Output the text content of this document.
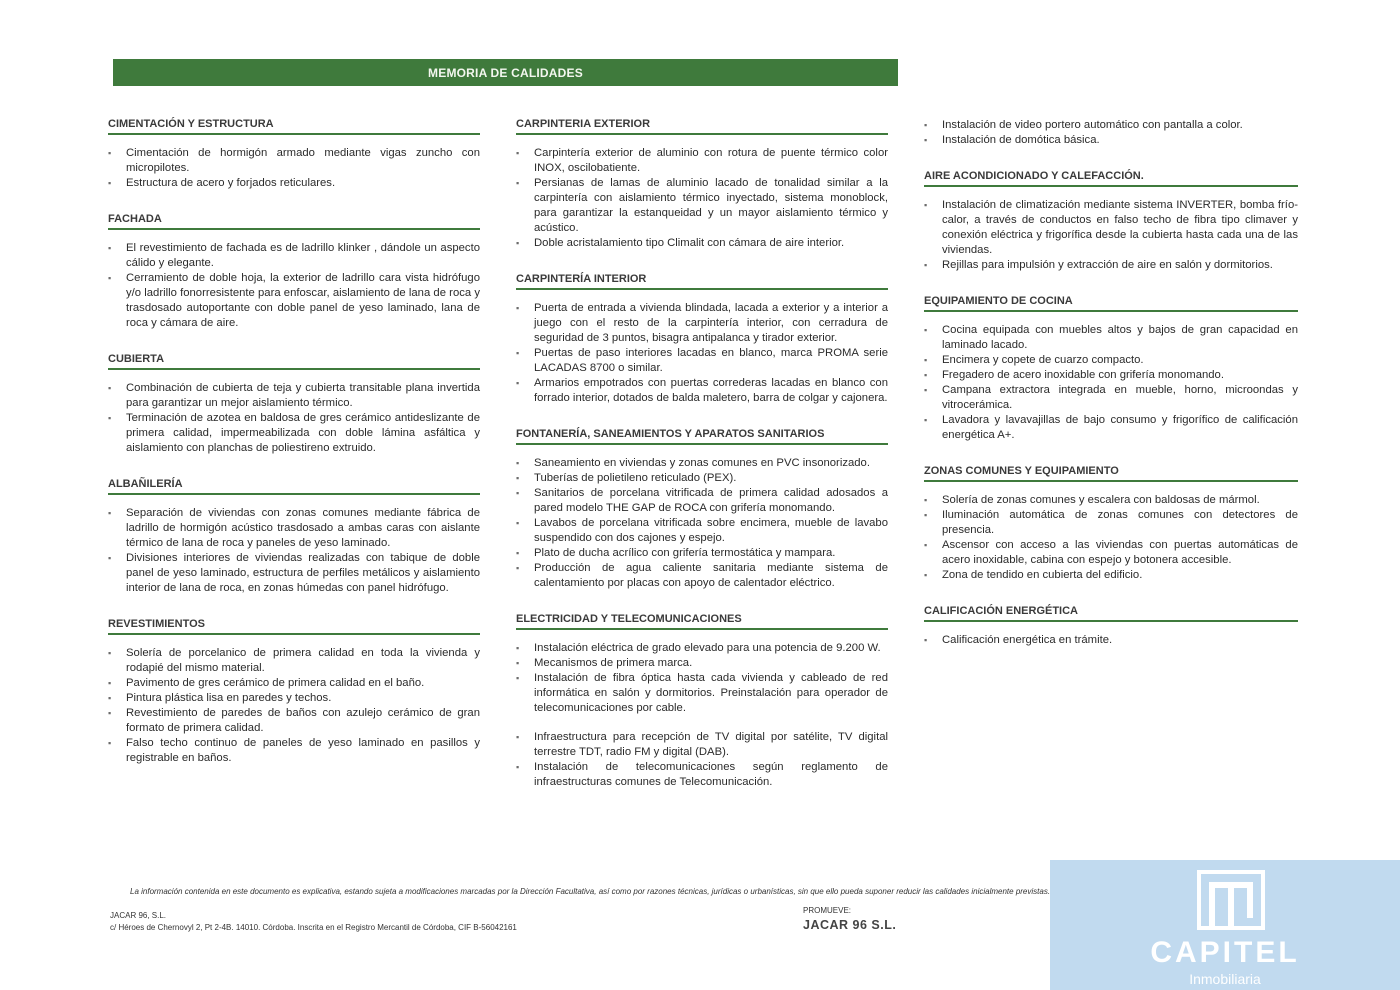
MEMORIA DE CALIDADES
CIMENTACIÓN Y ESTRUCTURA
▪ Cimentación de hormigón armado mediante vigas zuncho con micropilotes.
▪ Estructura de acero y forjados reticulares.
FACHADA
▪ El revestimiento de fachada es de ladrillo klinker , dándole un aspecto cálido y elegante.
▪ Cerramiento de doble hoja, la exterior de ladrillo cara vista hidrófugo y/o ladrillo fonorresistente para enfoscar, aislamiento de lana de roca y trasdosado autoportante con doble panel de yeso laminado, lana de roca y cámara de aire.
CUBIERTA
▪ Combinación de cubierta de teja y cubierta transitable plana invertida para garantizar un mejor aislamiento térmico.
▪ Terminación de azotea en baldosa de gres cerámico antideslizante de primera calidad, impermeabilizada con doble lámina asfáltica y aislamiento con planchas de poliestireno extruido.
ALBAÑILERÍA
▪ Separación de viviendas con zonas comunes mediante fábrica de ladrillo de hormigón acústico trasdosado a ambas caras con aislante térmico de lana de roca y paneles de yeso laminado.
▪ Divisiones interiores de viviendas realizadas con tabique de doble panel de yeso laminado, estructura de perfiles metálicos y aislamiento interior de lana de roca, en zonas húmedas con panel hidrófugo.
REVESTIMIENTOS
▪ Solería de porcelanico de primera calidad en toda la vivienda y rodapié del mismo material.
▪ Pavimento de gres cerámico de primera calidad en el baño.
▪ Pintura plástica lisa en paredes y techos.
▪ Revestimiento de paredes de baños con azulejo cerámico de gran formato de primera calidad.
▪ Falso techo continuo de paneles de yeso laminado en pasillos y registrable en baños.
CARPINTERIA EXTERIOR
▪ Carpintería exterior de aluminio con rotura de puente térmico color INOX, oscilobatiente.
▪ Persianas de lamas de aluminio lacado de tonalidad similar a la carpintería con aislamiento térmico inyectado, sistema monoblock, para garantizar la estanqueidad y un mayor aislamiento térmico y acústico.
▪ Doble acristalamiento tipo Climalit con cámara de aire interior.
CARPINTERÍA INTERIOR
▪ Puerta de entrada a vivienda blindada, lacada a exterior y a interior a juego con el resto de la carpintería interior, con cerradura de seguridad de 3 puntos, bisagra antipalanca y tirador exterior.
▪ Puertas de paso interiores lacadas en blanco, marca PROMA serie LACADAS 8700 o similar.
▪ Armarios empotrados con puertas correderas lacadas en blanco con forrado interior, dotados de balda maletero, barra de colgar y cajonera.
FONTANERÍA, SANEAMIENTOS Y APARATOS SANITARIOS
▪ Saneamiento en viviendas y zonas comunes en PVC insonorizado.
▪ Tuberías de polietileno reticulado (PEX).
▪ Sanitarios de porcelana vitrificada de primera calidad adosados a pared modelo THE GAP de ROCA con grifería monomando.
▪ Lavabos de porcelana vitrificada sobre encimera, mueble de lavabo suspendido con dos cajones y espejo.
▪ Plato de ducha acrílico con grifería termostática y mampara.
▪ Producción de agua caliente sanitaria mediante sistema de calentamiento por placas con apoyo de calentador eléctrico.
ELECTRICIDAD Y TELECOMUNICACIONES
▪ Instalación eléctrica de grado elevado para una potencia de 9.200 W.
▪ Mecanismos de primera marca.
▪ Instalación de fibra óptica hasta cada vivienda y cableado de red informática en salón y dormitorios. Preinstalación para operador de telecomunicaciones por cable.
▪ Infraestructura para recepción de TV digital por satélite, TV digital terrestre TDT, radio FM y digital (DAB).
▪ Instalación de telecomunicaciones según reglamento de infraestructuras comunes de Telecomunicación.
▪ Instalación de video portero automático con pantalla a color.
▪ Instalación de domótica básica.
AIRE ACONDICIONADO Y CALEFACCIÓN.
▪ Instalación de climatización mediante sistema INVERTER, bomba frío-calor, a través de conductos en falso techo de fibra tipo climaver y conexión eléctrica y frigorífica desde la cubierta hasta cada una de las viviendas.
▪ Rejillas para impulsión y extracción de aire en salón y dormitorios.
EQUIPAMIENTO DE COCINA
▪ Cocina equipada con muebles altos y bajos de gran capacidad en laminado lacado.
▪ Encimera y copete de cuarzo compacto.
▪ Fregadero de acero inoxidable con grifería monomando.
▪ Campana extractora integrada en mueble, horno, microondas y vitrocerámica.
▪ Lavadora y lavavajillas de bajo consumo y frigorífico de calificación energética A+.
ZONAS COMUNES Y EQUIPAMIENTO
▪ Solería de zonas comunes y escalera con baldosas de mármol.
▪ Iluminación automática de zonas comunes con detectores de presencia.
▪ Ascensor con acceso a las viviendas con puertas automáticas de acero inoxidable, cabina con espejo y botonera accesible.
▪ Zona de tendido en cubierta del edificio.
CALIFICACIÓN ENERGÉTICA
▪ Calificación energética en trámite.
La información contenida en este documento es explicativa, estando sujeta a modificaciones marcadas por la Dirección Facultativa, así como por razones técnicas, jurídicas o urbanísticas, sin que ello pueda suponer reducir las calidades inicialmente previstas.
JACAR 96, S.L.
c/ Héroes de Chernovyl 2, Pt 2-4B. 14010. Córdoba. Inscrita en el Registro Mercantil de Córdoba, CIF B-56042161
PROMUEVE:
JACAR 96 S.L.
CAPITEL
Inmobiliaria
